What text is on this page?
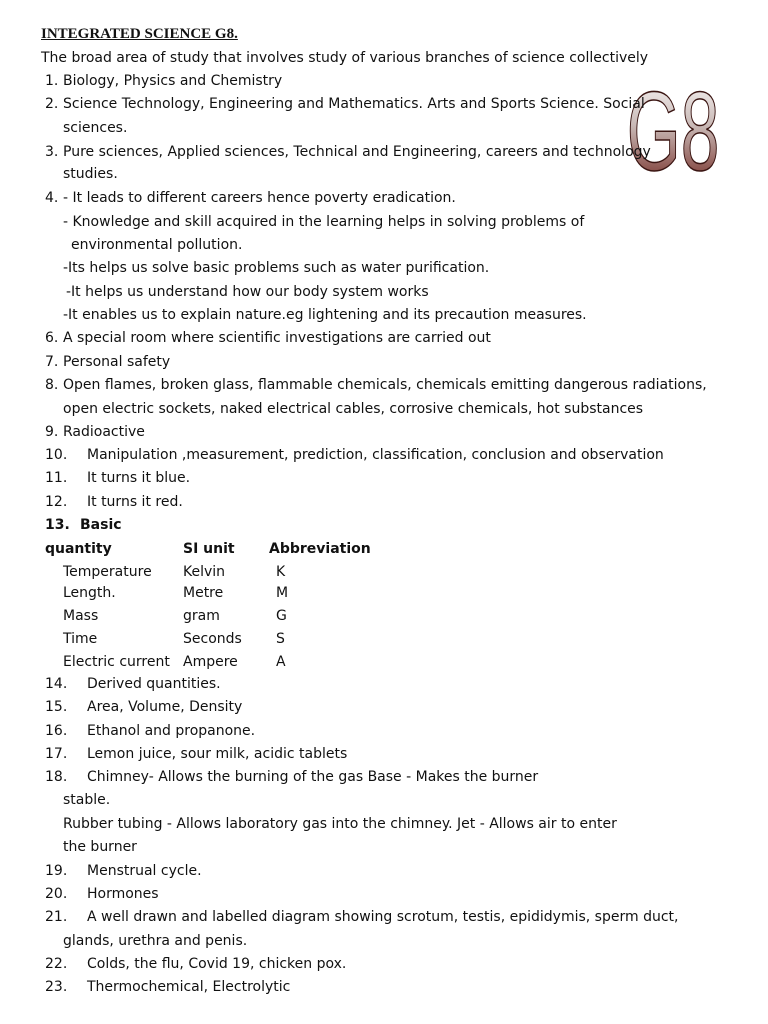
INTEGRATED SCIENCE G8.
The broad area of study that involves study of various branches of science collectively
G8
1. Biology, Physics and Chemistry
2. Science Technology, Engineering and Mathematics. Arts and Sports Science. Social
sciences.
3. Pure sciences, Applied sciences, Technical and Engineering, careers and technology
studies.
4. - It leads to different careers hence poverty eradication.
- Knowledge and skill acquired in the learning helps in solving problems of
environmental pollution.
-Its helps us solve basic problems such as water purification.
-It helps us understand how our body system works
-It enables us to explain nature.eg lightening and its precaution measures.
6. A special room where scientific investigations are carried out
7. Personal safety
8. Open flames, broken glass, flammable chemicals, chemicals emitting dangerous radiations,
open electric sockets, naked electrical cables, corrosive chemicals, hot substances
9. Radioactive
10. Manipulation ,measurement, prediction, classification, conclusion and observation
11. It turns it blue.
12. It turns it red.
13. Basic
quantity	SI unit Abbreviation
Temperature Kelvin	K
Length.	Metre	M
Mass	gram	G
Time	Seconds S
Electric current Ampere	A
14. Derived quantities.
15. Area, Volume, Density
16. Ethanol and propanone.
17. Lemon juice, sour milk, acidic tablets
18. Chimney- Allows the burning of the gas Base - Makes the burner
stable.
Rubber tubing - Allows laboratory gas into the chimney. Jet - Allows air to enter
the burner
19. Menstrual cycle.
20. Hormones
21. A well drawn and labelled diagram showing scrotum, testis, epididymis, sperm duct,
glands, urethra and penis.
22. Colds, the flu, Covid 19, chicken pox.
23. Thermochemical, Electrolytic
